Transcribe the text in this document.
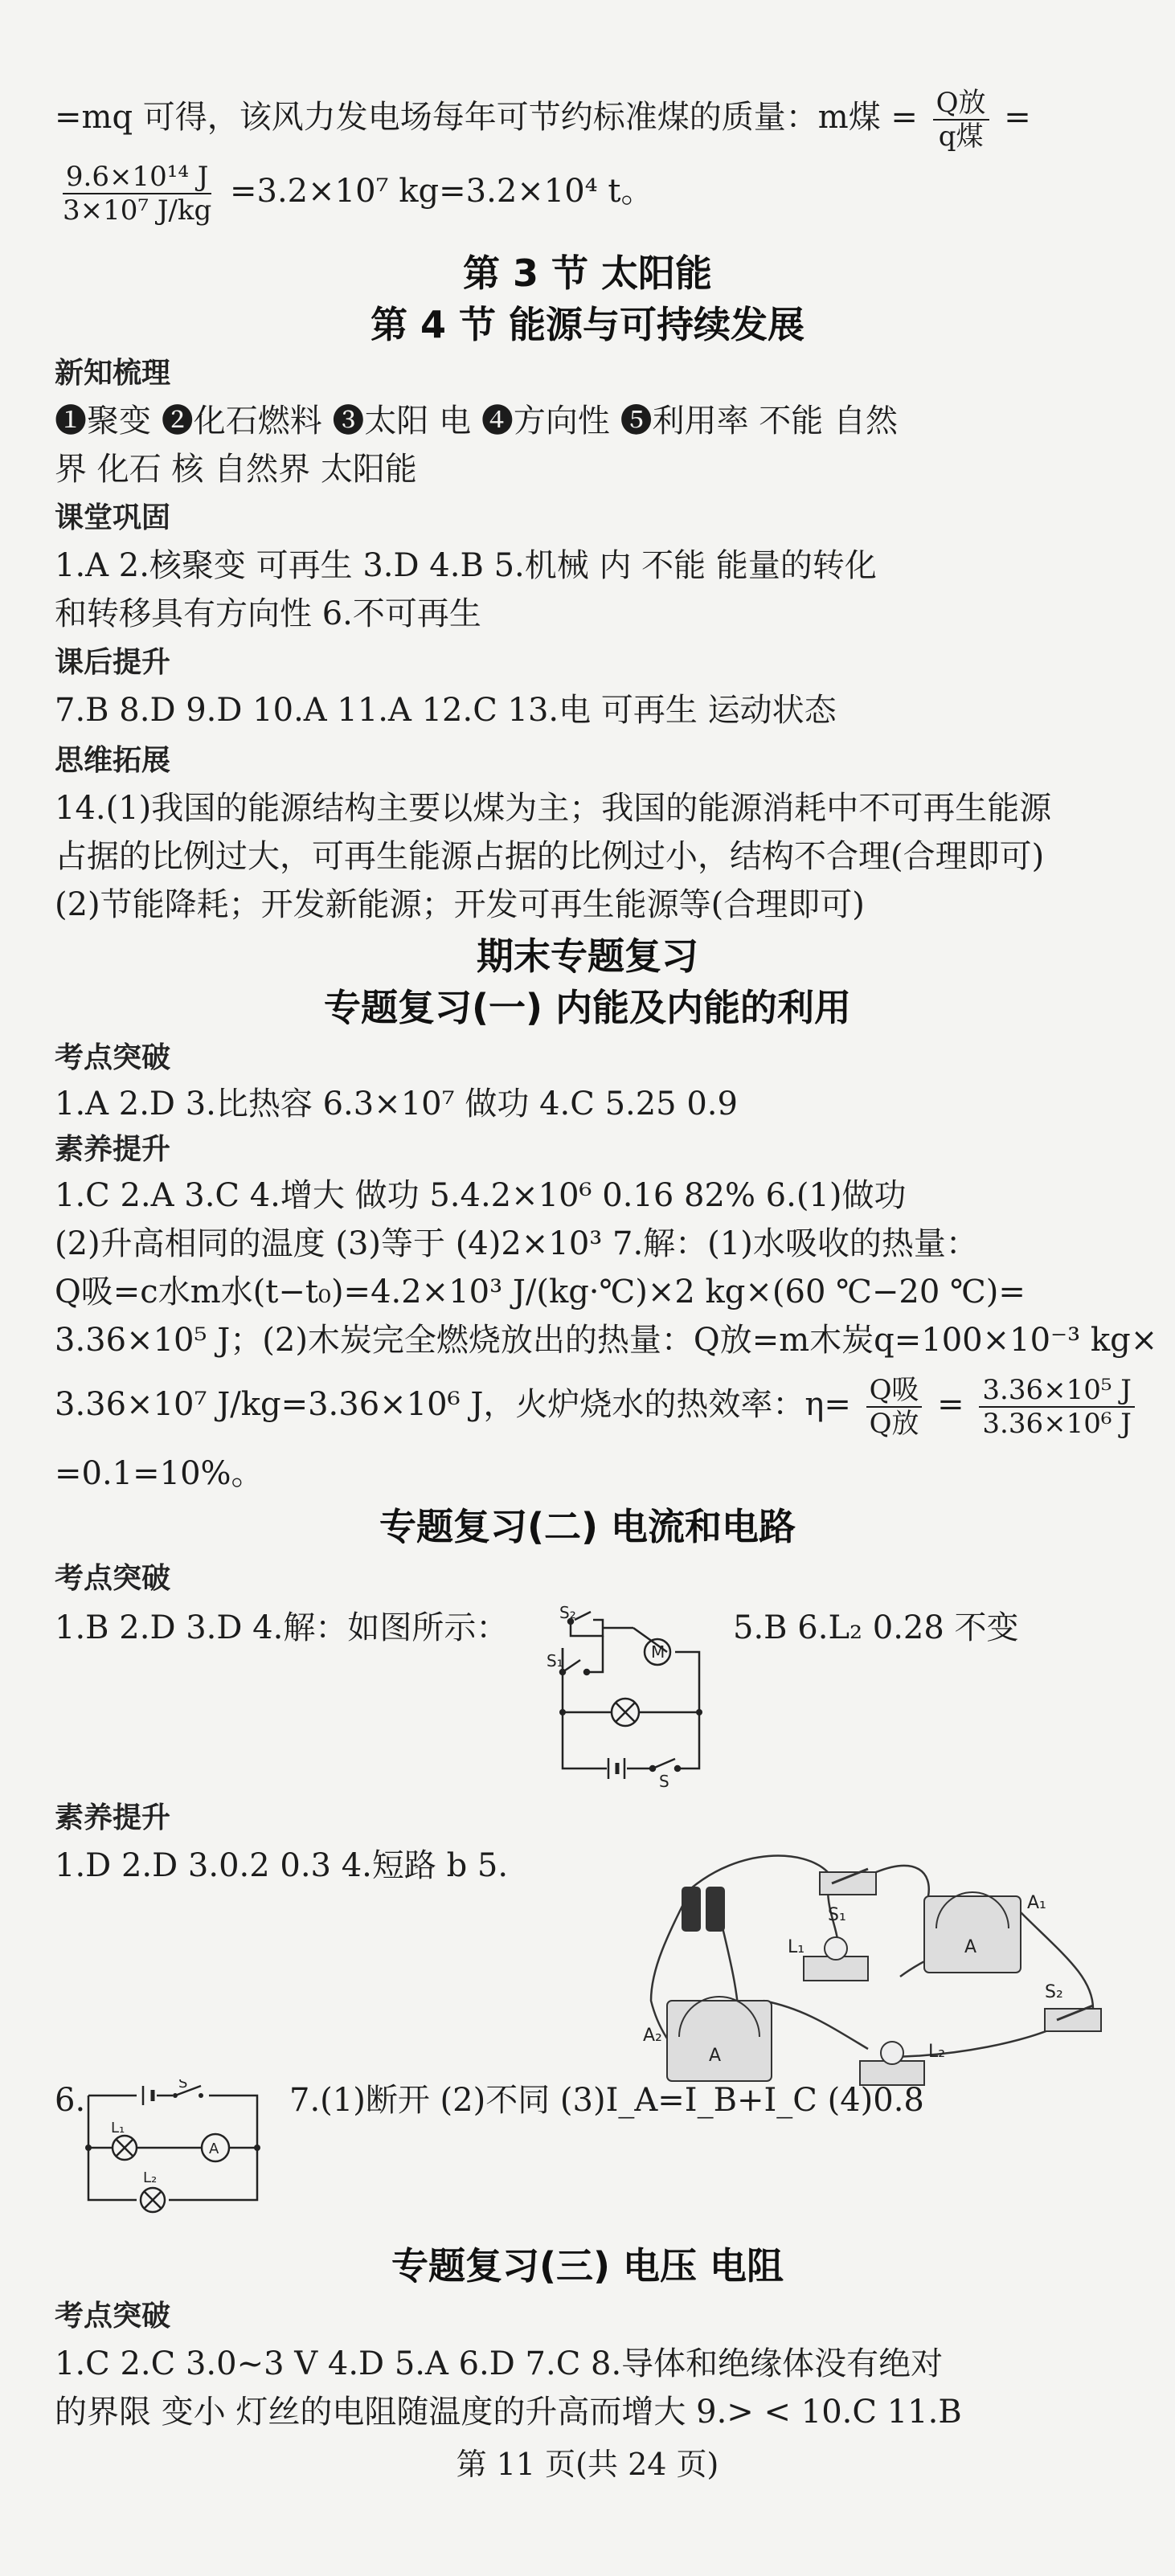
=mq 可得，该风力发电场每年可节约标准煤的质量：m煤 = $\frac{\text{Q放}}{\text{q煤}}$ =
$\frac{\text{9.6×10¹⁴ J}}{\text{3×10⁷ J/kg}} =3.2\times 10^7$ kg=3.2×10⁴ t。
第 3 节 太阳能
第 4 节 能源与可持续发展
新知梳理
❶聚变 ❷化石燃料 ❸太阳 电 ❹方向性 ❺利用率 不能 自然
界 化石 核 自然界 太阳能
课堂巩固
1.A 2.核聚变 可再生 3.D 4.B 5.机械 内 不能 能量的转化
和转移具有方向性 6.不可再生
课后提升
7.B 8.D 9.D 10.A 11.A 12.C 13.电 可再生 运动状态
思维拓展
14.(1)我国的能源结构主要以煤为主；我国的能源消耗中不可再生能源
占据的比例过大，可再生能源占据的比例过小，结构不合理(合理即可)
(2)节能降耗；开发新能源；开发可再生能源等(合理即可)
期末专题复习
专题复习(一) 内能及内能的利用
考点突破
1.A 2.D 3.比热容 6.3×10⁷ 做功 4.C 5.25 0.9
素养提升
1.C 2.A 3.C 4.增大 做功 5.4.2×10⁶ 0.16 82% 6.(1)做功
(2)升高相同的温度 (3)等于 (4)2×10³ 7.解：(1)水吸收的热量：
Q吸=c水m水(t−t₀)=4.2×10³ J/(kg·℃)×2 kg×(60 ℃−20 ℃)=
3.36×10⁵ J；(2)木炭完全燃烧放出的热量：Q放=m木炭q=100×10⁻³ kg×
3.36×10⁷ J/kg=3.36×10⁶ J，火炉烧水的热效率：$\eta= \frac{\text{Q吸}}{\text{Q放}} = \frac{\text{3.36×10⁵ J}}{\text{3.36×10⁶ J}}$
=0.1=10%。
专题复习(二) 电流和电路
考点突破
1.B 2.D 3.D 4.解：如图所示：	5.B 6.L₂ 0.28 不变
S₂
S₁	M
S
素养提升
1.D 2.D 3.0.2 0.3 4.短路 b 5.
S₁
A
A₁
L₁
S₂
A
A₂
L₂
6.	S
L₁
A
L₂
7.(1)断开 (2)不同 (3)I_A=I_B+I_C (4)0.8
专题复习(三) 电压 电阻
考点突破
1.C 2.C 3.0~3 V 4.D 5.A 6.D 7.C 8.导体和绝缘体没有绝对
的界限 变小 灯丝的电阻随温度的升高而增大 9.> < 10.C 11.B
第 11 页(共 24 页)
